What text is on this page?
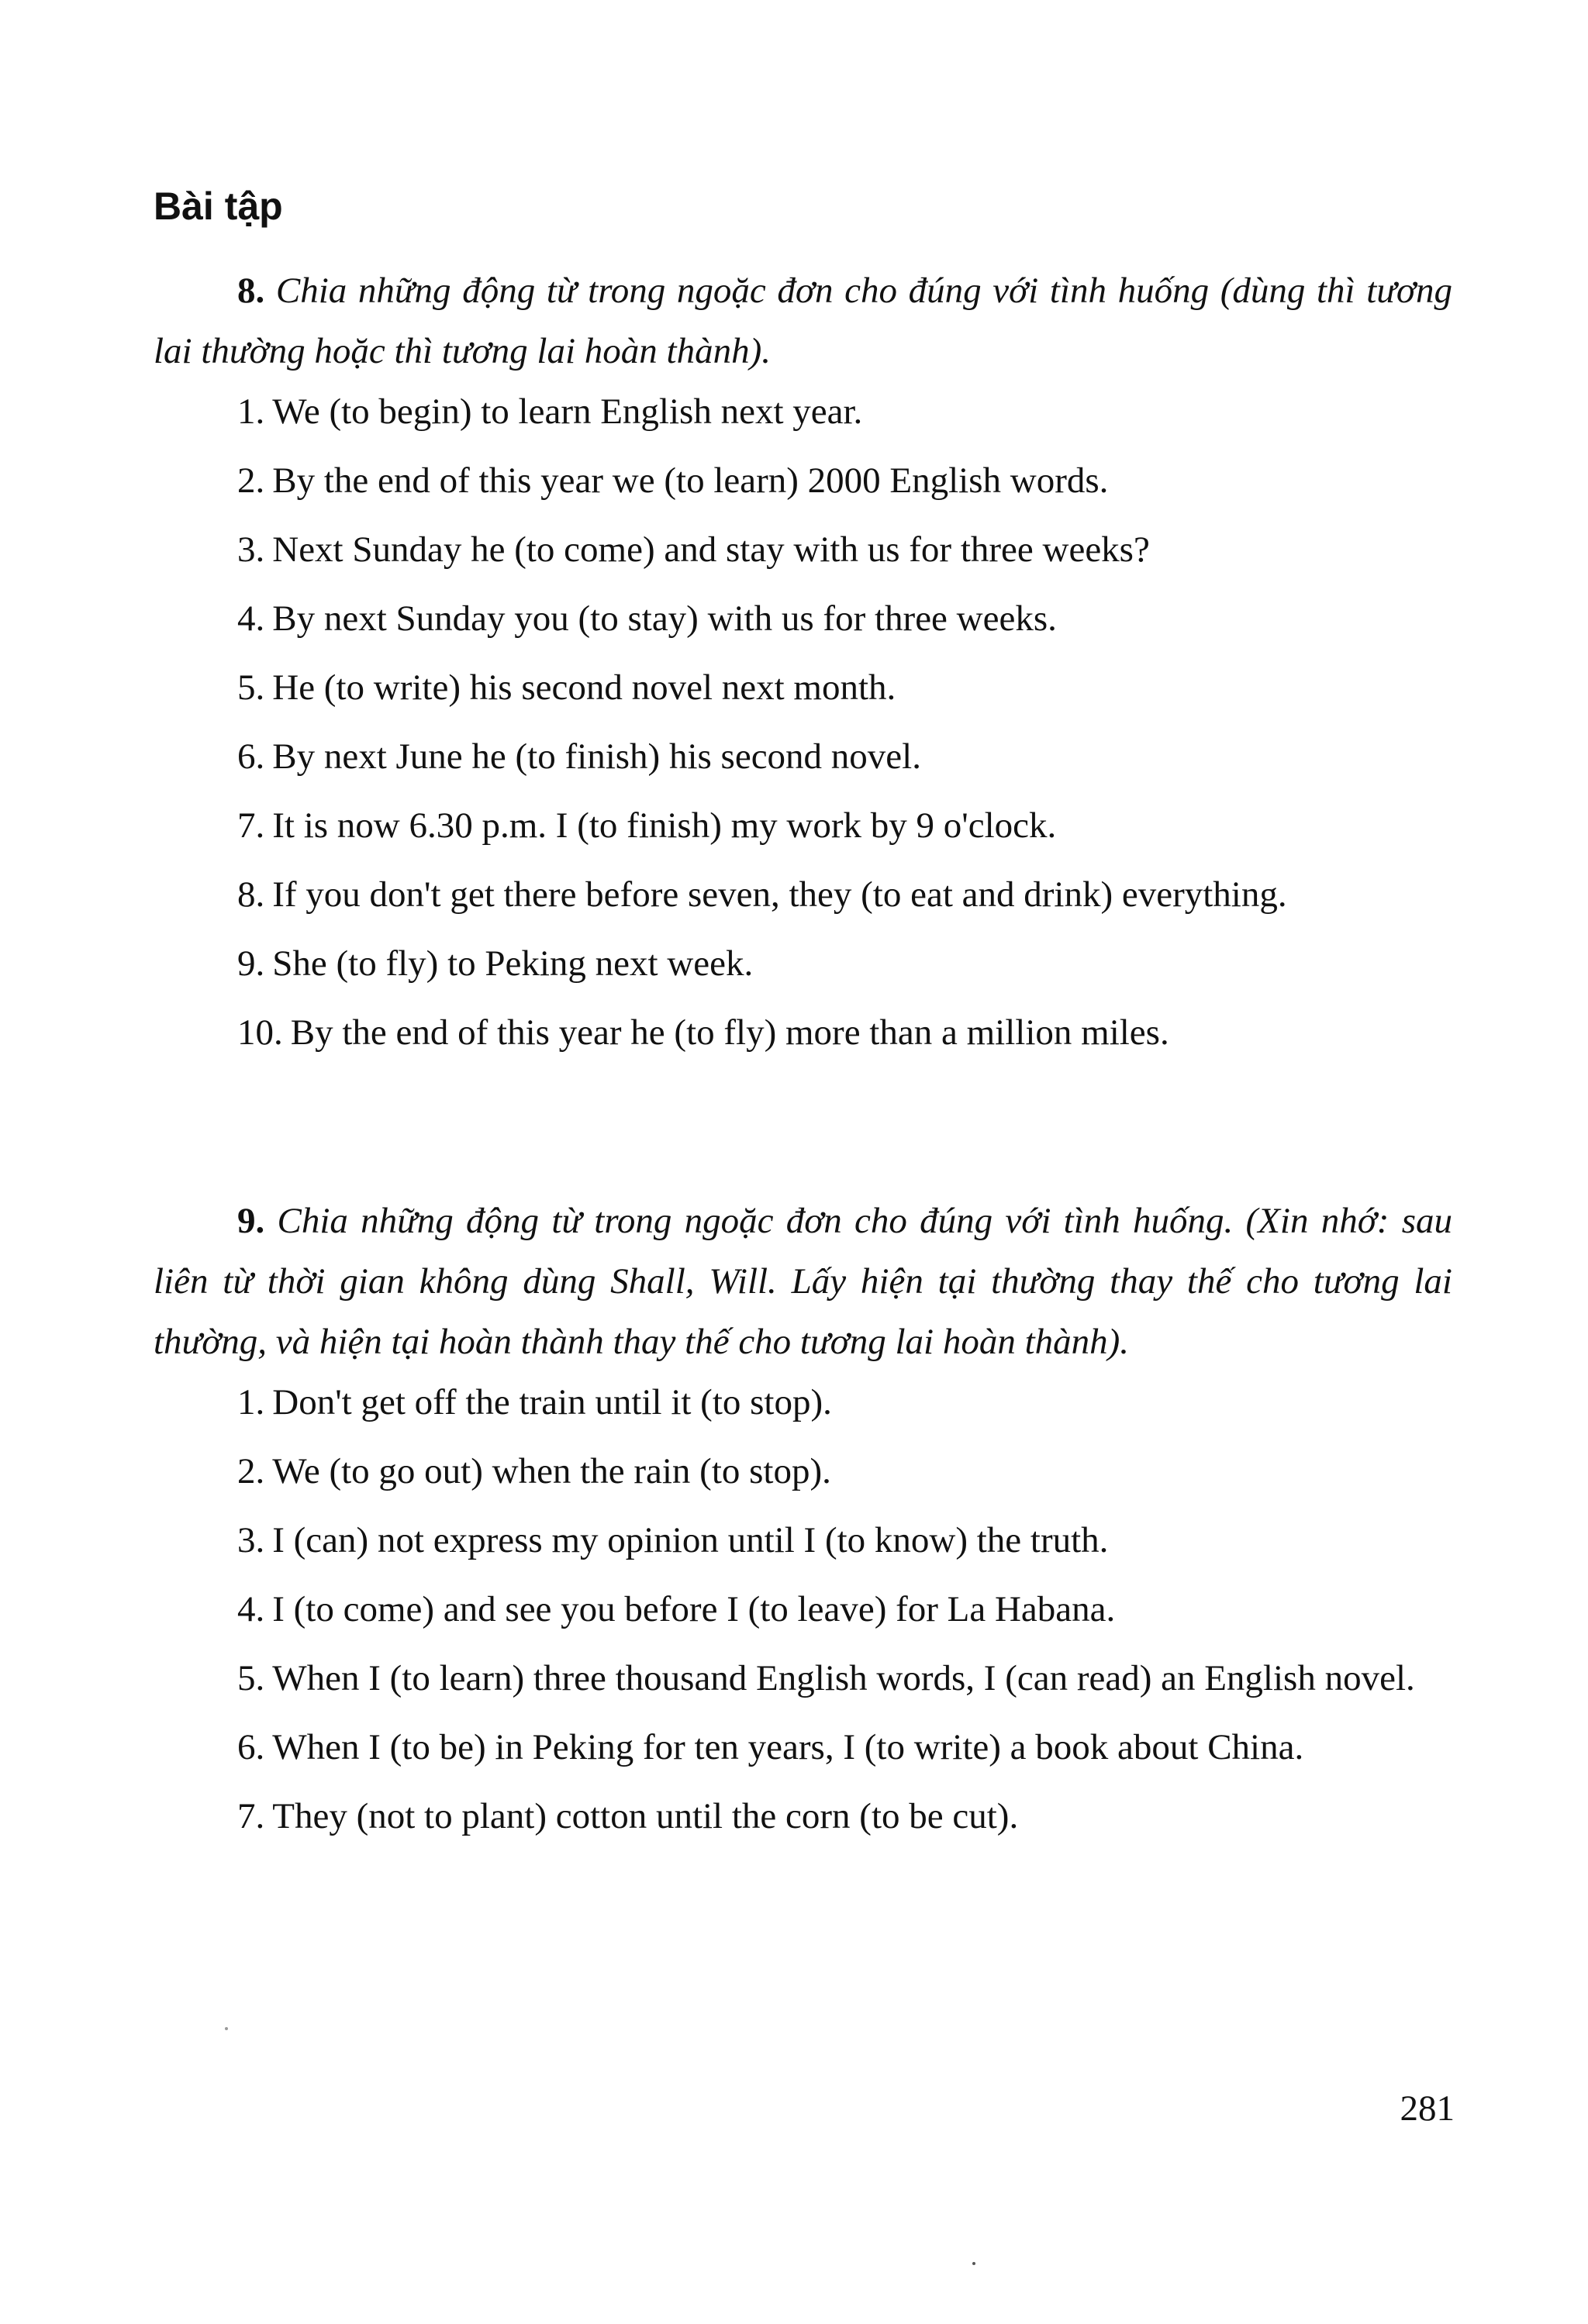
Bài tập

8. Chia những động từ trong ngoặc đơn cho đúng với tình huống (dùng thì tương lai thường hoặc thì tương lai hoàn thành).

1. We (to begin) to learn English next year.

2. By the end of this year we (to learn) 2000 English words.

3. Next Sunday he (to come) and stay with us for three weeks?

4. By next Sunday you (to stay) with us for three weeks.

5. He (to write) his second novel next month.

6. By next June he (to finish) his second novel.

7. It is now 6.30 p.m. I (to finish) my work by 9 o'clock.

8. If you don't get there before seven, they (to eat and drink) everything.

9. She (to fly) to Peking next week.

10. By the end of this year he (to fly) more than a million miles.

9. Chia những động từ trong ngoặc đơn cho đúng với tình huống. (Xin nhớ: sau liên từ thời gian không dùng Shall, Will. Lấy hiện tại thường thay thế cho tương lai thường, và hiện tại hoàn thành thay thế cho tương lai hoàn thành).

1. Don't get off the train until it (to stop).

2. We (to go out) when the rain (to stop).

3. I (can) not express my opinion until I (to know) the truth.

4. I (to come) and see you before I (to leave) for La Habana.

5. When I (to learn) three thousand English words, I (can read) an English novel.

6. When I (to be) in Peking for ten years, I (to write) a book about China.

7. They (not to plant) cotton until the corn (to be cut).

281
